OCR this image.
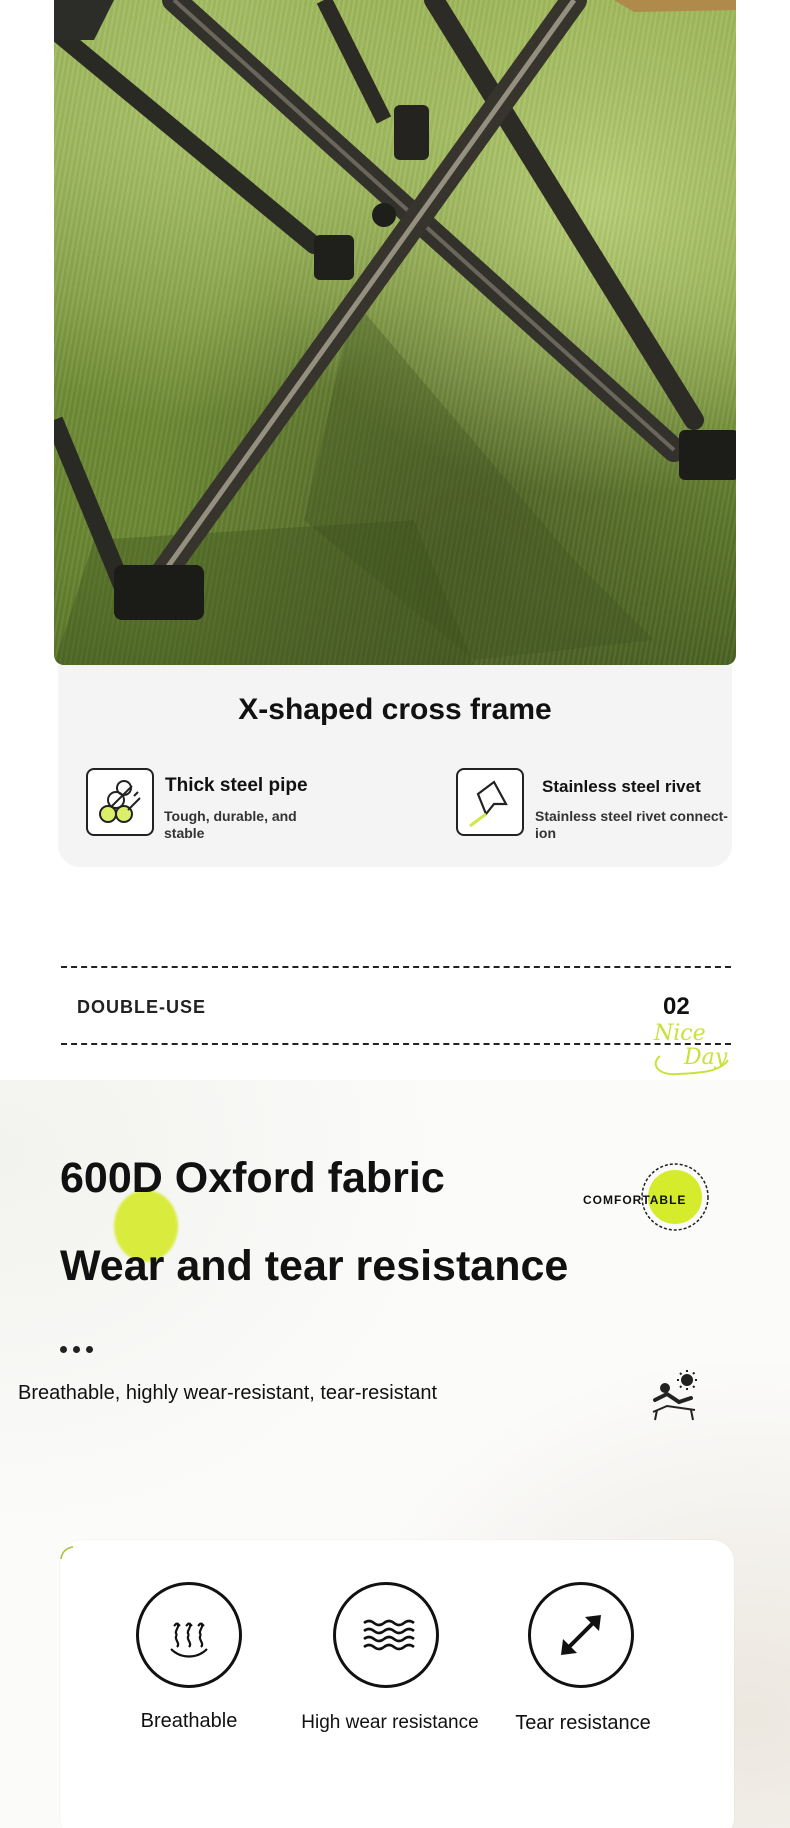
X-shaped cross frame
Thick steel pipe
Tough, durable, and
stable
Stainless steel rivet
Stainless steel rivet connect-
ion
DOUBLE-USE	02
Nice
Day
600D Oxford fabric
Wear and tear resistance
COMFORTABLE
Breathable, highly wear-resistant, tear-resistant
Breathable	High wear resistance	Tear resistance
